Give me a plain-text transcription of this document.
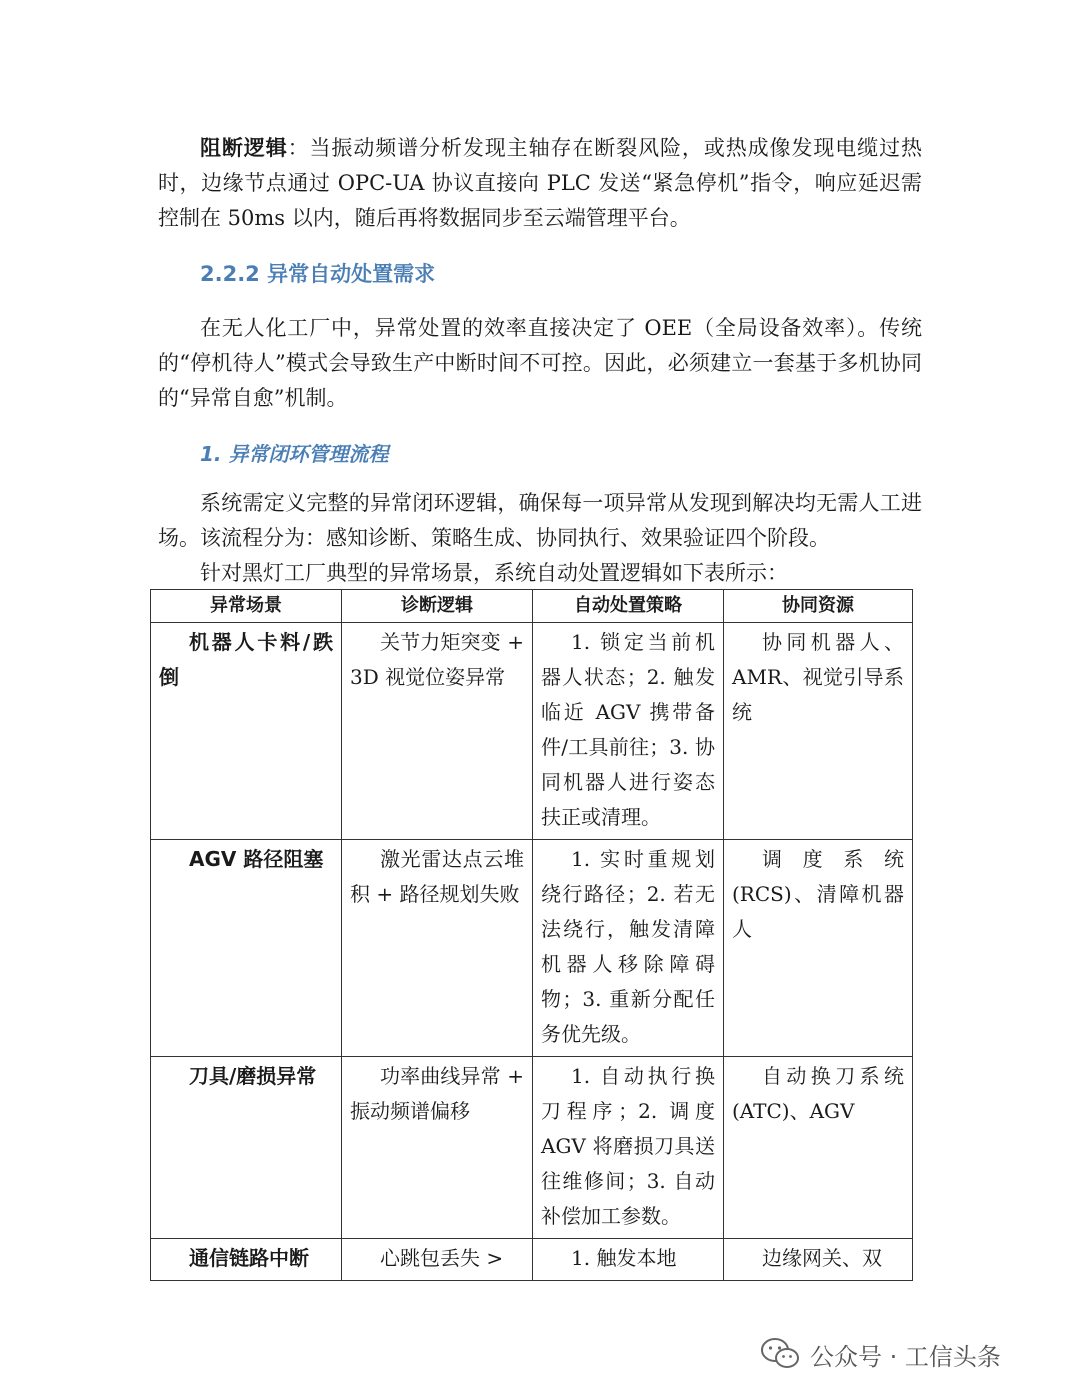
阻断逻辑：当振动频谱分析发现主轴存在断裂风险，或热成像发现电缆过热时，边缘节点通过 OPC-UA 协议直接向 PLC 发送“紧急停机”指令，响应延迟需控制在 50ms 以内，随后再将数据同步至云端管理平台。

2.2.2 异常自动处置需求

在无人化工厂中，异常处置的效率直接决定了 OEE（全局设备效率）。传统的“停机待人”模式会导致生产中断时间不可控。因此，必须建立一套基于多机协同的“异常自愈”机制。

1. 异常闭环管理流程

系统需定义完整的异常闭环逻辑，确保每一项异常从发现到解决均无需人工进场。该流程分为：感知诊断、策略生成、协同执行、效果验证四个阶段。

针对黑灯工厂典型的异常场景，系统自动处置逻辑如下表所示：

异常场景	诊断逻辑	自动处置策略	协同资源
机器人卡料/跌倒	关节力矩突变 + 3D 视觉位姿异常	1. 锁定当前机器人状态；2. 触发临近 AGV 携带备件/工具前往；3. 协同机器人进行姿态扶正或清理。	协同机器人、AMR、视觉引导系统
AGV 路径阻塞	激光雷达点云堆积 + 路径规划失败	1. 实时重规划绕行路径；2. 若无法绕行，触发清障机器人移除障碍物；3. 重新分配任务优先级。	调度系统 (RCS)、清障机器人
刀具/磨损异常	功率曲线异常 + 振动频谱偏移	1. 自动执行换刀程序；2. 调度 AGV 将磨损刀具送往维修间；3. 自动补偿加工参数。	自动换刀系统 (ATC)、AGV
通信链路中断	心跳包丢失 >	1. 触发本地	边缘网关、双
公众号 · 工信头条
